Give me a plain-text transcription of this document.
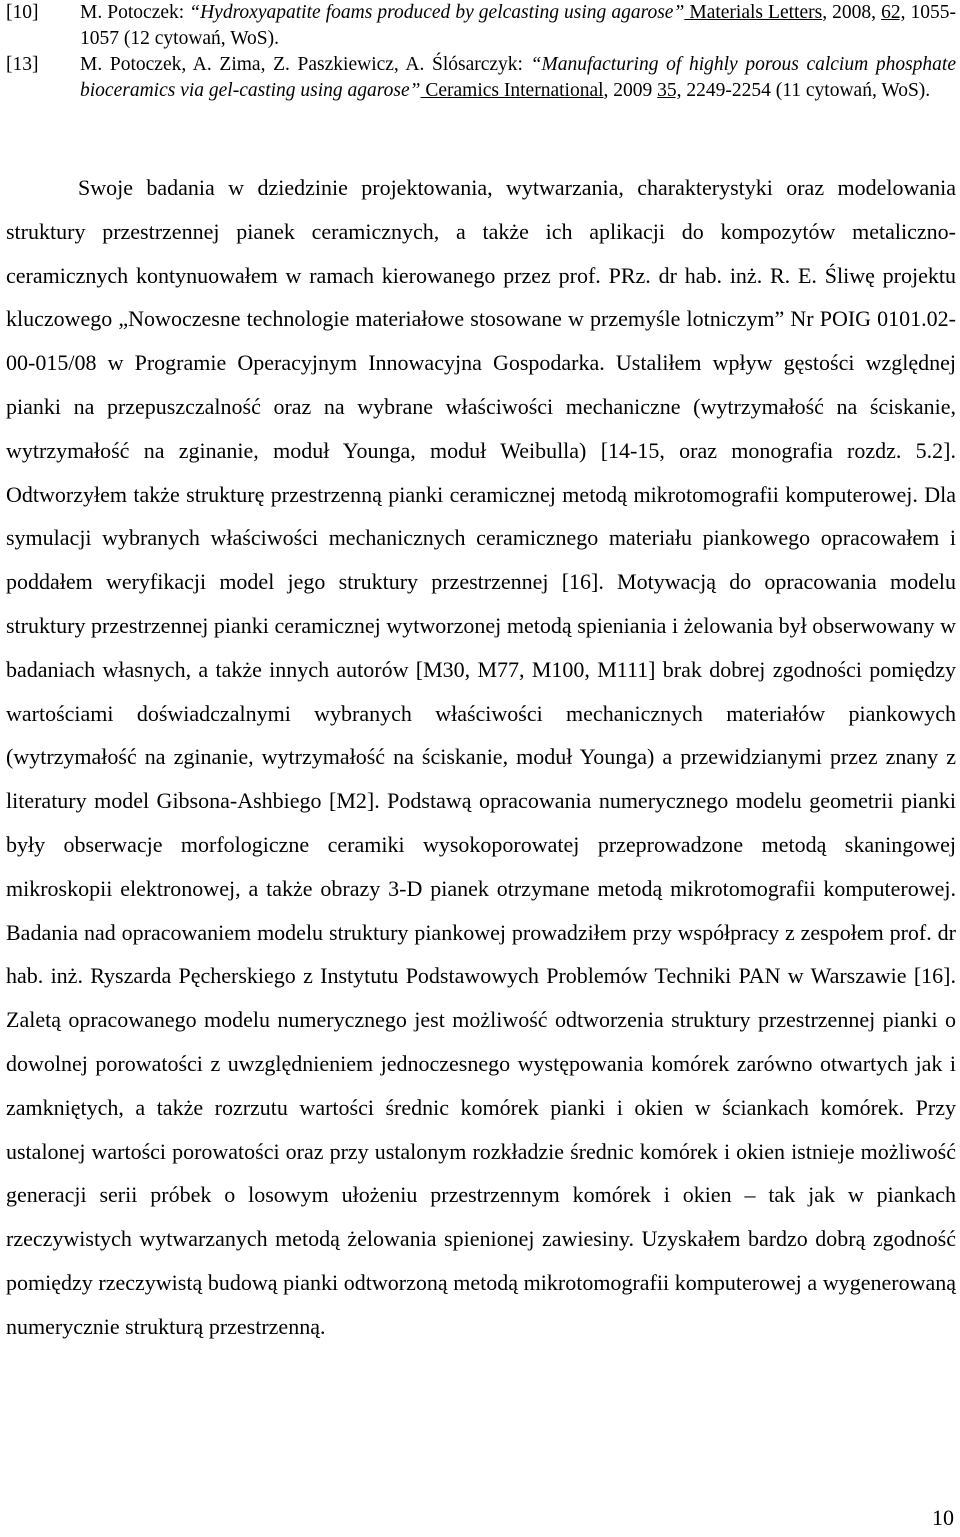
[10]	M. Potoczek: “Hydroxyapatite foams produced by gelcasting using agarose” Materials Letters, 2008, 62, 1055-1057 (12 cytowań, WoS).
[13]	M. Potoczek, A. Zima, Z. Paszkiewicz, A. Ślósarczyk: “Manufacturing of highly porous calcium phosphate bioceramics via gel-casting using agarose” Ceramics International, 2009 35, 2249-2254 (11 cytowań, WoS).

Swoje badania w dziedzinie projektowania, wytwarzania, charakterystyki oraz modelowania struktury przestrzennej pianek ceramicznych, a także ich aplikacji do kompozytów metaliczno-ceramicznych kontynuowałem w ramach kierowanego przez prof. PRz. dr hab. inż. R. E. Śliwę projektu kluczowego „Nowoczesne technologie materiałowe stosowane w przemyśle lotniczym” Nr POIG 0101.02-00-015/08 w Programie Operacyjnym Innowacyjna Gospodarka. Ustaliłem wpływ gęstości względnej pianki na przepuszczalność oraz na wybrane właściwości mechaniczne (wytrzymałość na ściskanie, wytrzymałość na zginanie, moduł Younga, moduł Weibulla) [14-15, oraz monografia rozdz. 5.2]. Odtworzyłem także strukturę przestrzenną pianki ceramicznej metodą mikrotomografii komputerowej. Dla symulacji wybranych właściwości mechanicznych ceramicznego materiału piankowego opracowałem i poddałem weryfikacji model jego struktury przestrzennej [16]. Motywacją do opracowania modelu struktury przestrzennej pianki ceramicznej wytworzonej metodą spieniania i żelowania był obserwowany w badaniach własnych, a także innych autorów [M30, M77, M100, M111] brak dobrej zgodności pomiędzy wartościami doświadczalnymi wybranych właściwości mechanicznych materiałów piankowych (wytrzymałość na zginanie, wytrzymałość na ściskanie, moduł Younga) a przewidzianymi przez znany z literatury model Gibsona-Ashbiego [M2]. Podstawą opracowania numerycznego modelu geometrii pianki były obserwacje morfologiczne ceramiki wysokoporowatej przeprowadzone metodą skaningowej mikroskopii elektronowej, a także obrazy 3-D pianek otrzymane metodą mikrotomografii komputerowej. Badania nad opracowaniem modelu struktury piankowej prowadziłem przy współpracy z zespołem prof. dr hab. inż. Ryszarda Pęcherskiego z Instytutu Podstawowych Problemów Techniki PAN w Warszawie [16]. Zaletą opracowanego modelu numerycznego jest możliwość odtworzenia struktury przestrzennej pianki o dowolnej porowatości z uwzględnieniem jednoczesnego występowania komórek zarówno otwartych jak i zamkniętych, a także rozrzutu wartości średnic komórek pianki i okien w ściankach komórek. Przy ustalonej wartości porowatości oraz przy ustalonym rozkładzie średnic komórek i okien istnieje możliwość generacji serii próbek o losowym ułożeniu przestrzennym komórek i okien – tak jak w piankach rzeczywistych wytwarzanych metodą żelowania spienionej zawiesiny. Uzyskałem bardzo dobrą zgodność pomiędzy rzeczywistą budową pianki odtworzoną metodą mikrotomografii komputerowej a wygenerowaną numerycznie strukturą przestrzenną.

10
